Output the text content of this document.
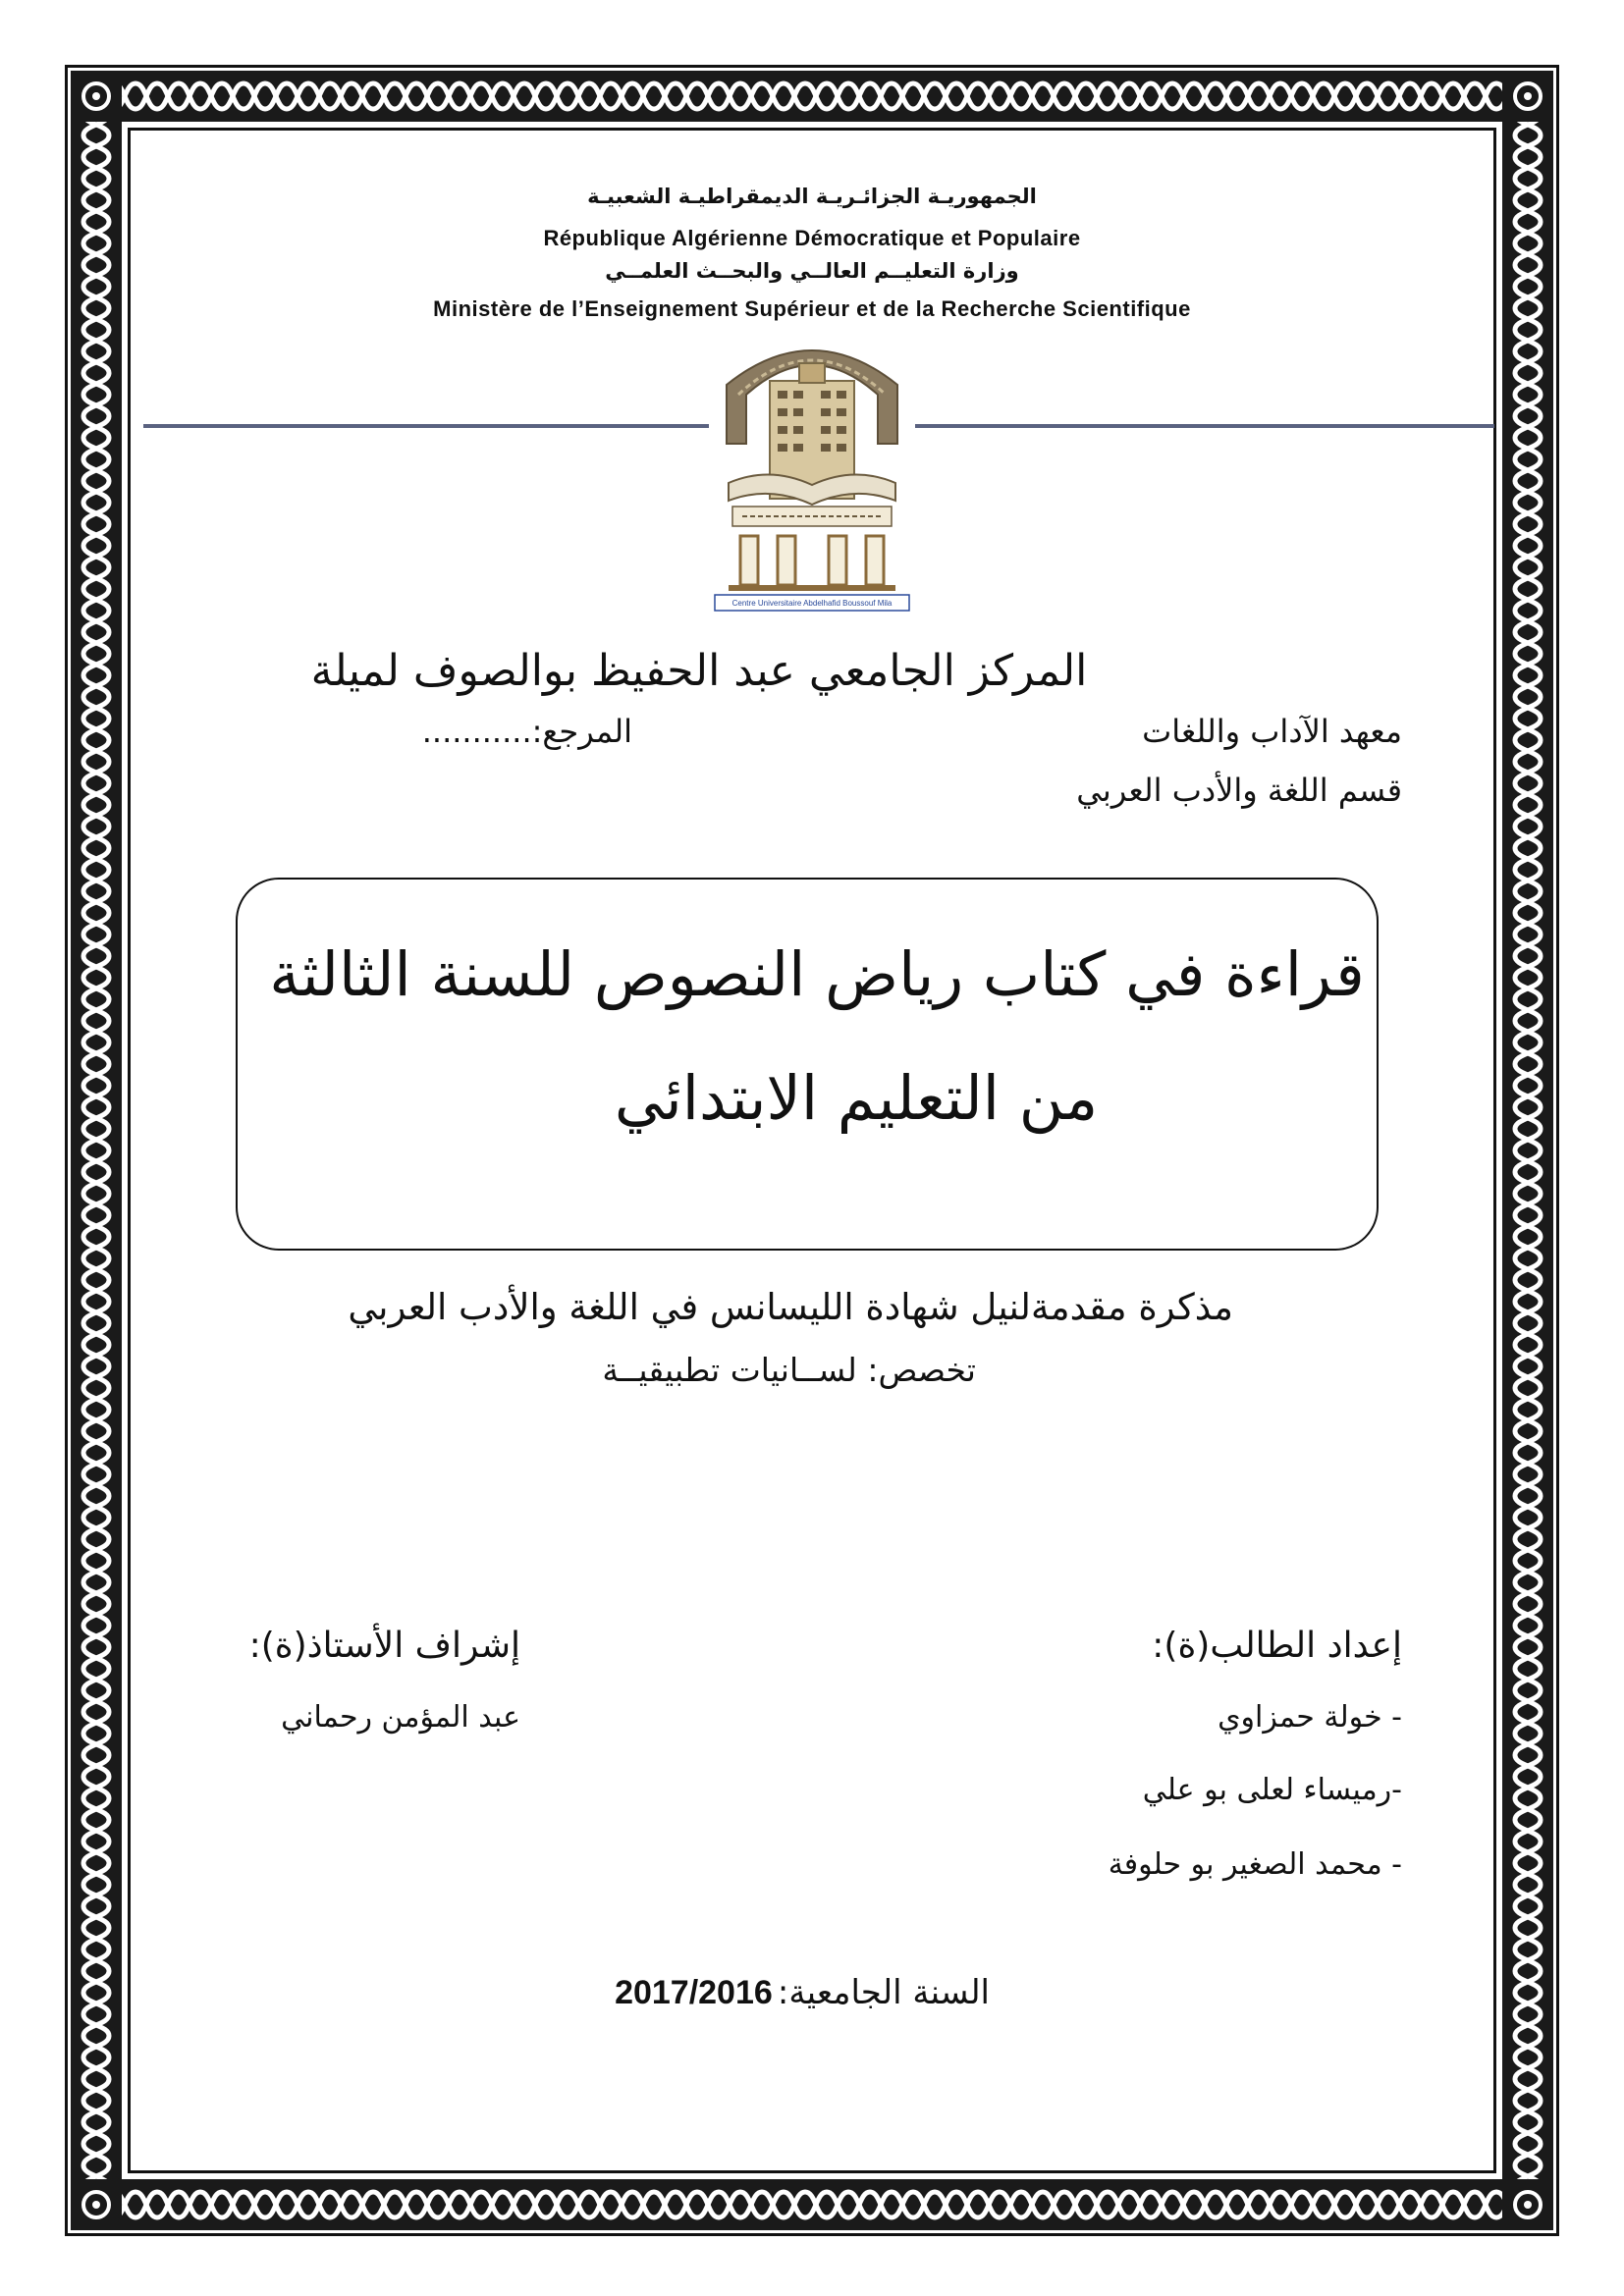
الجمهوريـة الجزائـريـة الديمقراطيـة الشعبيـة
République Algérienne Démocratique et Populaire
وزارة التعليــم العالــي والبحــث العلمــي
Ministère de l’Enseignement Supérieur et de la Recherche Scientifique
Centre Universitaire Abdelhafid Boussouf Mila
المركز الجامعي عبد الحفيظ بوالصوف لميلة
معهد الآداب واللغات
المرجع:...........
قسم اللغة والأدب العربي
قراءة في كتاب رياض النصوص للسنة الثالثة
من التعليم الابتدائي
مذكرة مقدمةلنيل شهادة الليسانس في اللغة والأدب العربي
تخصص: لســانيات تطبيقيــة
إعداد الطالب(ة):
إشراف الأستاذ(ة):
- خولة حمزاوي
-رميساء لعلى بو علي
- محمد الصغير بو حلوفة
عبد المؤمن رحماني
السنة الجامعية: 2017/2016
